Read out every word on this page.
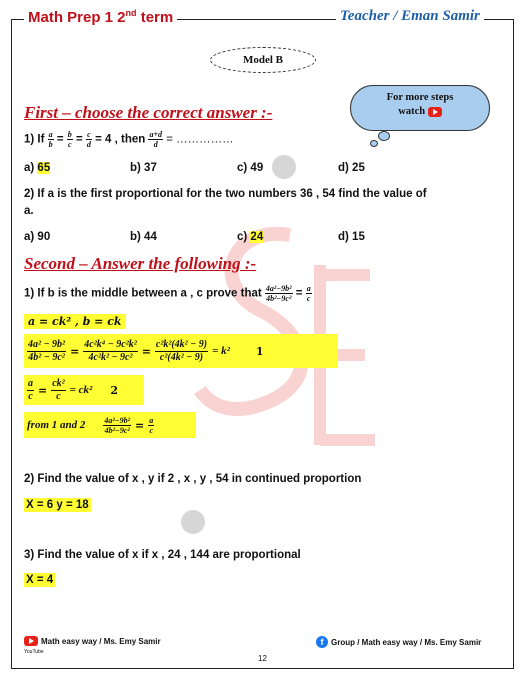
Math Prep 1 2nd term	Teacher / Eman Samir
Model B
For more steps
watch
First – choose the correct answer :-
1) If $\frac{a}{b} = \frac{b}{c} = \frac{c}{d} = 4$ , then $\frac{a+d}{d}$ = ……………
a) 65	b) 37	c) 49	d) 25
2) If a is the first proportional for the two numbers 36 , 54 find the value of
a.
a) 90	b) 44	c) 24	d) 15
Second – Answer the following :-
1) If b is the middle between a , c prove that $\frac{\text{4a²−9b²}}{\text{4b²−9c²}} = \frac{a}{c}$
a = ck² , b = ck
$\frac{\text{4a² − 9b²}}{\text{4b² − 9c²}} = \frac{\text{4c²k⁴ − 9c²k²}}{\text{4c²k² − 9c²}} = \frac{\text{c²k²(4k² − 9)}}{\text{c²(4k² − 9)}} = k^2$ 1
$\frac{a}{c} = \frac{\text{ck²}}{c} = ck^2$ 2
from 1 and $2 \frac{\text{4a²−9b²}}{\text{4b²−9c²}} = \frac{a}{c}$
2) Find the value of x , y if 2 , x , y , 54 in continued proportion
X = 6 y = 18
3) Find the value of x if x , 24 , 144 are proportional
X = 4
Math easy way / Ms. Emy Samir
YouTube
f Group / Math easy way / Ms. Emy Samir
12
